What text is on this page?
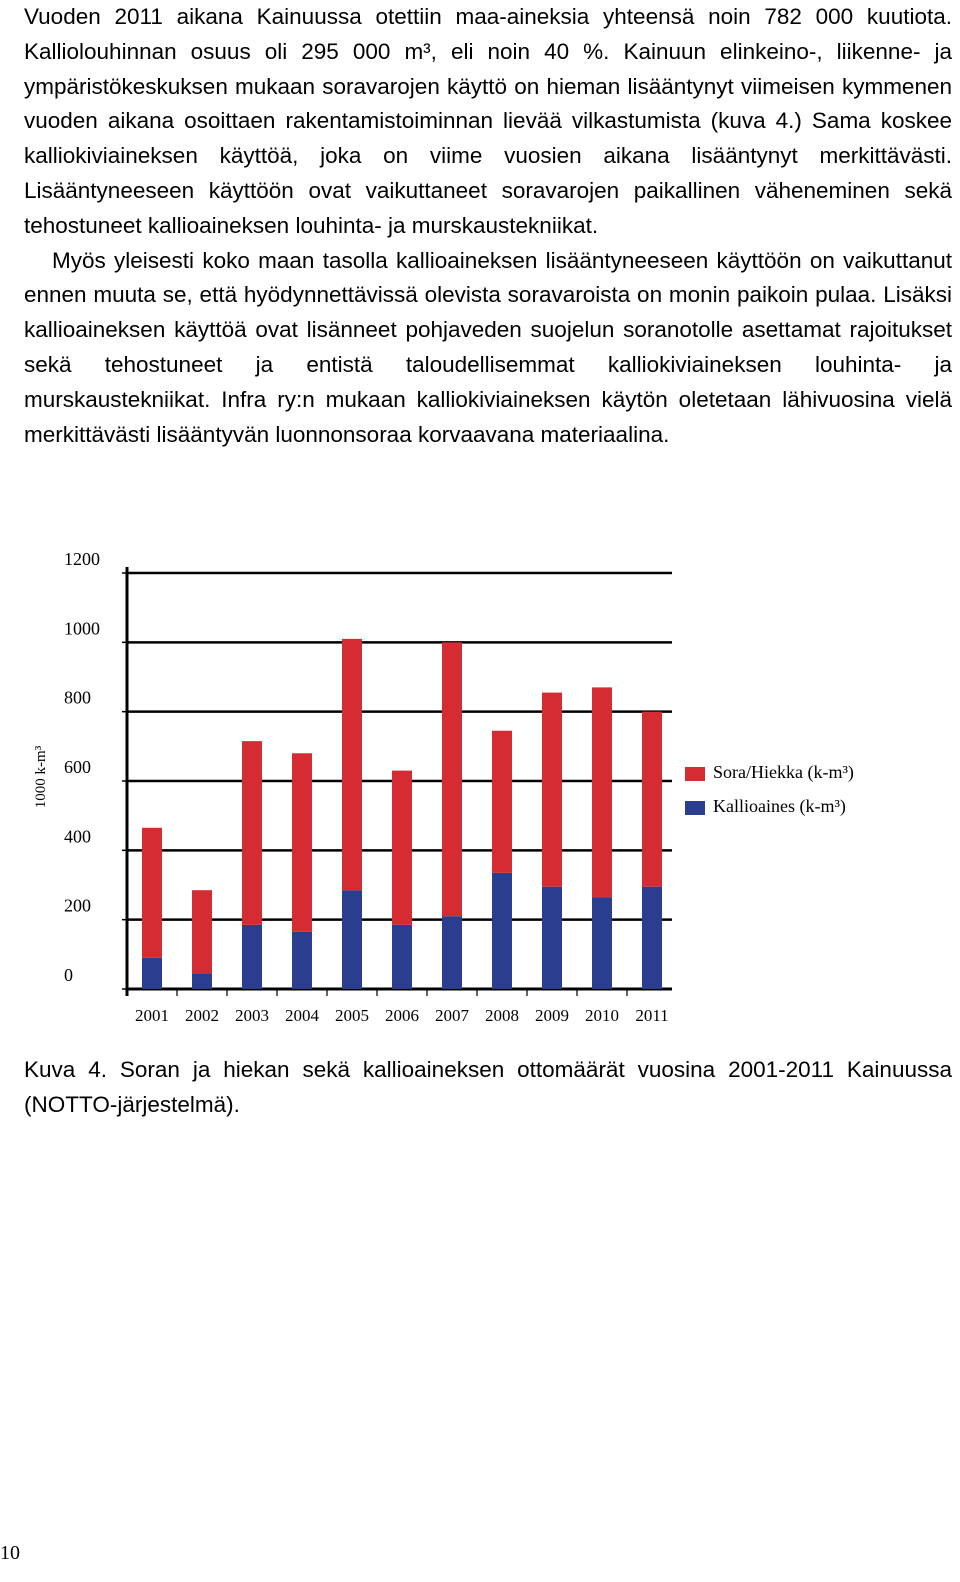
Vuoden 2011 aikana Kainuussa otettiin maa-aineksia yhteensä noin 782 000 kuutiota. Kalliolouhinnan osuus oli 295 000 m³, eli noin 40 %. Kainuun elinkeino-, liikenne- ja ympäristökeskuksen mukaan soravarojen käyttö on hieman lisääntynyt viimeisen kymmenen vuoden aikana osoittaen rakentamistoiminnan lievää vilkastumista (kuva 4.) Sama koskee kalliokiviaineksen käyttöä, joka on viime vuosien aikana lisääntynyt merkittävästi. Lisääntyneeseen käyttöön ovat vaikuttaneet soravarojen paikallinen väheneminen sekä tehostuneet kallioaineksen louhinta- ja murskaustekniikat.

Myös yleisesti koko maan tasolla kallioaineksen lisääntyneeseen käyttöön on vaikuttanut ennen muuta se, että hyödynnettävissä olevista soravaroista on monin paikoin pulaa. Lisäksi kallioaineksen käyttöä ovat lisänneet pohjaveden suojelun soranotolle asettamat rajoitukset sekä tehostuneet ja entistä taloudellisemmat kalliokiviaineksen louhinta- ja murskaustekniikat. Infra ry:n mukaan kalliokiviaineksen käytön oletetaan lähivuosina vielä merkittävästi lisääntyvän luonnonsoraa korvaavana materiaalina.

0
200
400
600
800
1000
1200
2001 2002 2003 2004 2005 2006 2007 2008 2009 2010 2011
1000 k-m³	Sora/Hiekka (k-m³)
Kallioaines (k-m³)

Kuva 4. Soran ja hiekan sekä kallioaineksen ottomäärät vuosina 2001-2011 Kainuussa (NOTTO-järjestelmä).

10
